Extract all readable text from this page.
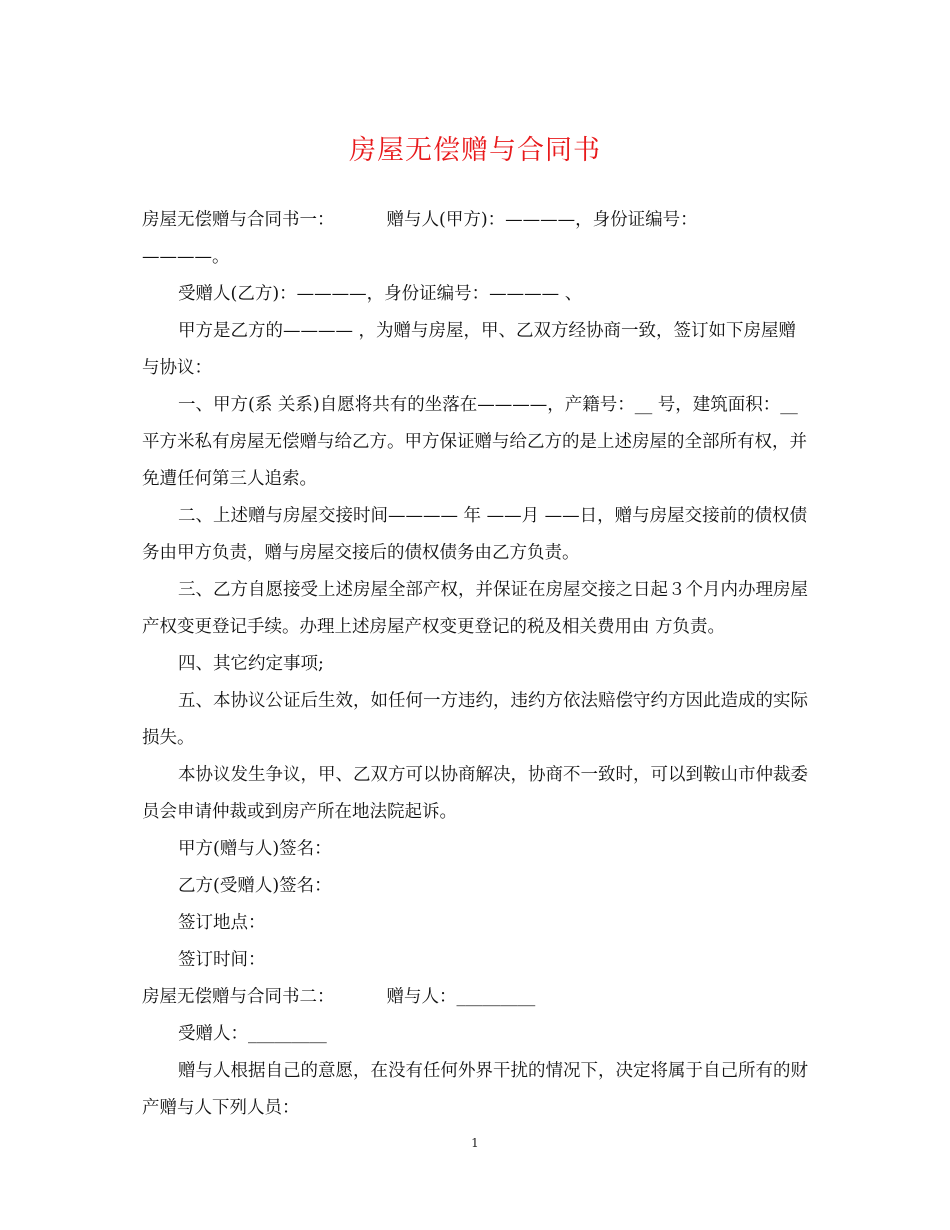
房屋无偿赠与合同书

房屋无偿赠与合同书一：	赠与人(甲方)：————，身份证编号：

————。

受赠人(乙方)：————，身份证编号：———— 、

甲方是乙方的———— ，为赠与房屋，甲、乙双方经协商一致，签订如下房屋赠与协议：

一、甲方(系 关系)自愿将共有的坐落在————，产籍号：__ 号，建筑面积：__ 平方米私有房屋无偿赠与给乙方。甲方保证赠与给乙方的是上述房屋的全部所有权，并免遭任何第三人追索。

二、上述赠与房屋交接时间———— 年 ——月 ——日，赠与房屋交接前的债权债务由甲方负责，赠与房屋交接后的债权债务由乙方负责。

三、乙方自愿接受上述房屋全部产权，并保证在房屋交接之日起３个月内办理房屋产权变更登记手续。办理上述房屋产权变更登记的税及相关费用由 方负责。

四、其它约定事项;

五、本协议公证后生效，如任何一方违约，违约方依法赔偿守约方因此造成的实际损失。

本协议发生争议，甲、乙双方可以协商解决，协商不一致时，可以到鞍山市仲裁委员会申请仲裁或到房产所在地法院起诉。

甲方(赠与人)签名：

乙方(受赠人)签名：

签订地点：

签订时间：

房屋无偿赠与合同书二：	赠与人：_________

受赠人：_________

赠与人根据自己的意愿，在没有任何外界干扰的情况下，决定将属于自己所有的财产赠与人下列人员：

1
